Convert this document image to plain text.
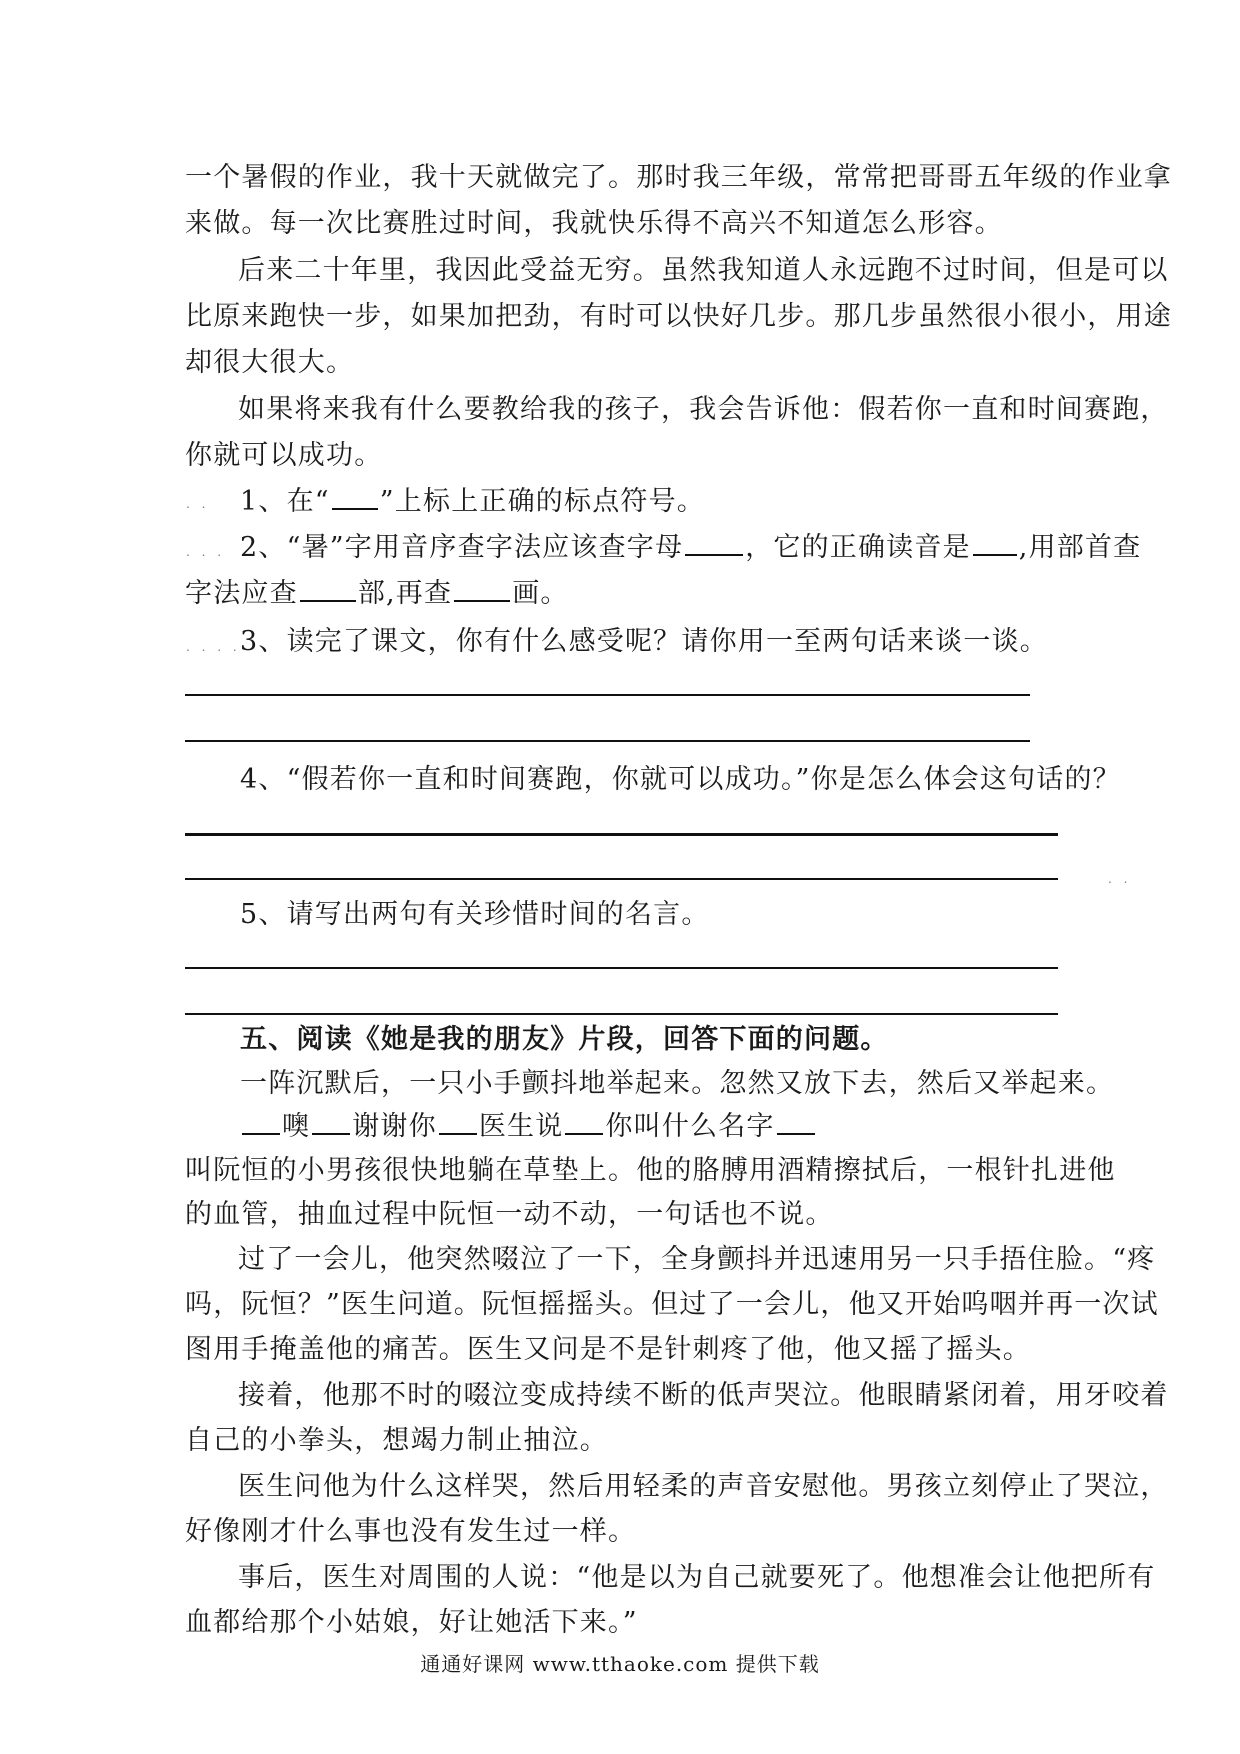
一个暑假的作业，我十天就做完了。那时我三年级，常常把哥哥五年级的作业拿
来做。每一次比赛胜过时间，我就快乐得不高兴不知道怎么形容。
后来二十年里，我因此受益无穷。虽然我知道人永远跑不过时间，但是可以
比原来跑快一步，如果加把劲，有时可以快好几步。那几步虽然很小很小，用途
却很大很大。
如果将来我有什么要教给我的孩子，我会告诉他：假若你一直和时间赛跑，
你就可以成功。
. . 1、在“ ”上标上正确的标点符号。
. . . 2、“暑”字用音序查字法应该查字母 ，它的正确读音是 ,用部首查
字法应查 部,再查 画。
. . . . 3、读完了课文，你有什么感受呢？请你用一至两句话来谈一谈。
4、“假若你一直和时间赛跑，你就可以成功。”你是怎么体会这句话的？
5、请写出两句有关珍惜时间的名言。
五、阅读《她是我的朋友》片段，回答下面的问题。
一阵沉默后，一只小手颤抖地举起来。忽然又放下去，然后又举起来。
噢 谢谢你 医生说 你叫什么名字
叫阮恒的小男孩很快地躺在草垫上。他的胳膊用酒精擦拭后，一根针扎进他
的血管，抽血过程中阮恒一动不动，一句话也不说。
过了一会儿，他突然啜泣了一下，全身颤抖并迅速用另一只手捂住脸。“疼
吗，阮恒？”医生问道。阮恒摇摇头。但过了一会儿，他又开始呜咽并再一次试
图用手掩盖他的痛苦。医生又问是不是针刺疼了他，他又摇了摇头。
接着，他那不时的啜泣变成持续不断的低声哭泣。他眼睛紧闭着，用牙咬着
自己的小拳头，想竭力制止抽泣。
医生问他为什么这样哭，然后用轻柔的声音安慰他。男孩立刻停止了哭泣，
好像刚才什么事也没有发生过一样。
事后，医生对周围的人说：“他是以为自己就要死了。他想准会让他把所有
血都给那个小姑娘，好让她活下来。”
. .
通通好课网 www.tthaoke.com 提供下载
